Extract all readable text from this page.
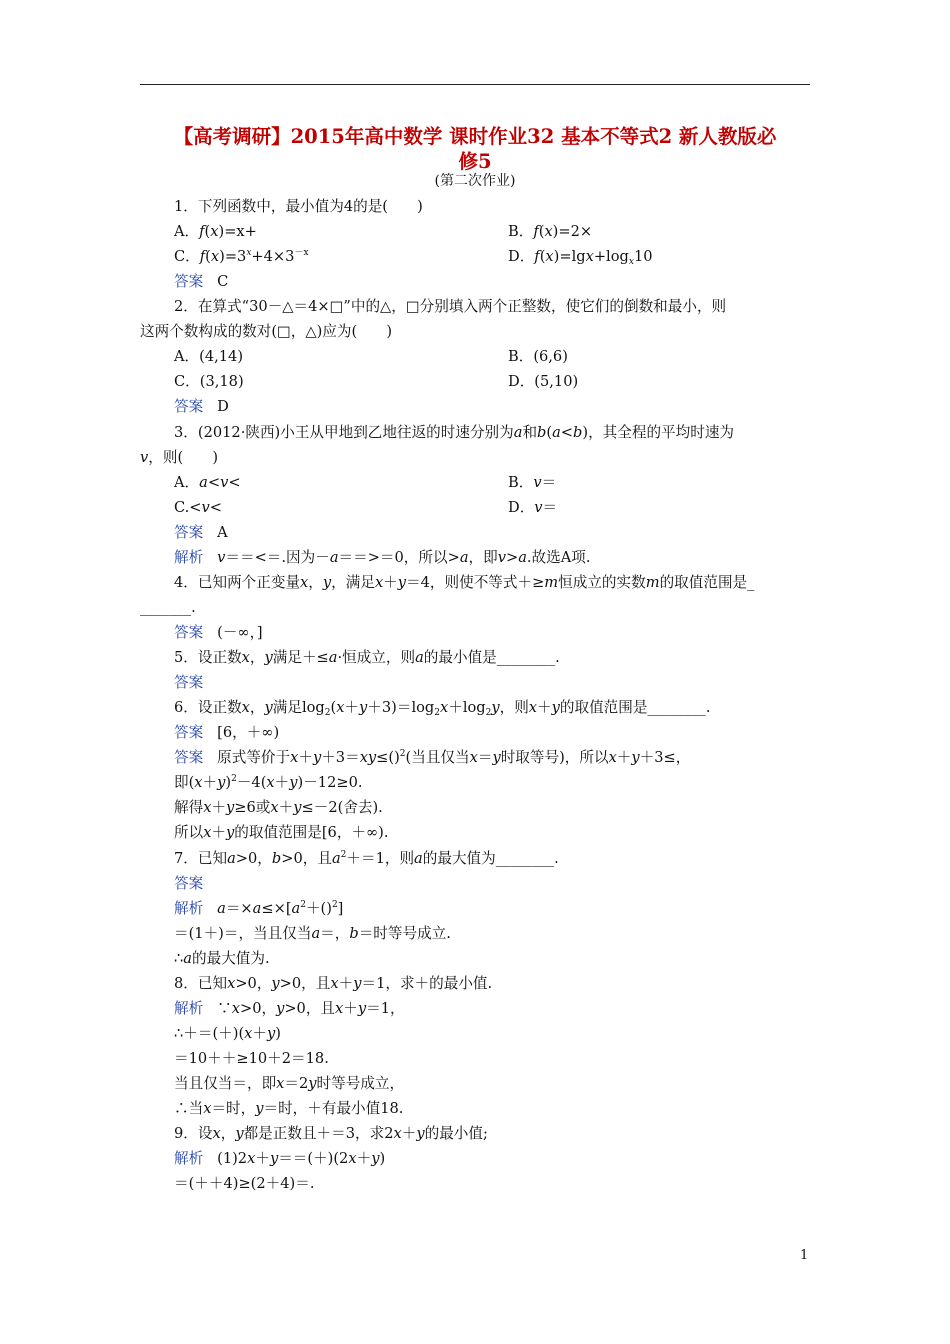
【高考调研】2015年高中数学 课时作业32 基本不等式2 新人教版必
修5
(第二次作业)
1．下列函数中，最小值为4的是(　　)
A．f(x)=x+	B．f(x)=2×
C．$f(x)=3^x+4\times 3^{-x}$	D．$f(x)=\lg x+\log_x10$
答案 C
2．在算式“30－△＝4×□”中的△，□分别填入两个正整数，使它们的倒数和最小，则
这两个数构成的数对(□，△)应为(　　)
A．(4,14)	B．(6,6)
C．(3,18)	D．(5,10)
答案 D
3．(2012·陕西)小王从甲地到乙地往返的时速分别为a和b(a<b)，其全程的平均时速为
v，则(　　)
A．a<v<	B．v＝
C.<v<	D．v＝
答案 A
解析 v＝＝<＝.因为－a＝＝>＝0，所以>a，即v>a.故选A项.
4．已知两个正变量x，y，满足x＋y＝4，则使不等式＋≥m恒成立的实数m的取值范围是_
_______.
答案 (－∞，]
5．设正数x，y满足＋≤a·恒成立，则a的最小值是________.
答案
6．设正数x，y满足$\log_2(x+y+3)=\log_2x+\log_2y$，则x＋y的取值范围是________.
答案 [6，＋∞)
答案 原式等价于x＋y＋3＝xy≤()$^2$(当且仅当x＝y时取等号)，所以x＋y＋3≤，
即$(x+y)^2-4(x+y)-12\ge 0$.
解得x＋y≥6或x＋y≤－2(舍去).
所以x＋y的取值范围是[6，＋∞).
7．已知a>0，b>0，且$a^2+=1$，则a的最大值为________.
答案
解析 $a=\times a\le\times[a^2+()^2]$
＝(1＋)＝，当且仅当a＝，b＝时等号成立.
∴a的最大值为.
8．已知x>0，y>0，且x＋y＝1，求＋的最小值.
解析 ∵x>0，y>0，且x＋y＝1，
∴＋＝(＋)(x＋y)
＝10＋＋≥10＋2＝18.
当且仅当＝，即x＝2y时等号成立，
∴当x＝时，y＝时，＋有最小值18.
9．设x，y都是正数且＋＝3，求2x＋y的最小值;
解析 (1)2x＋y＝＝(＋)(2x＋y)
＝(＋＋4)≥(2＋4)＝.
1
